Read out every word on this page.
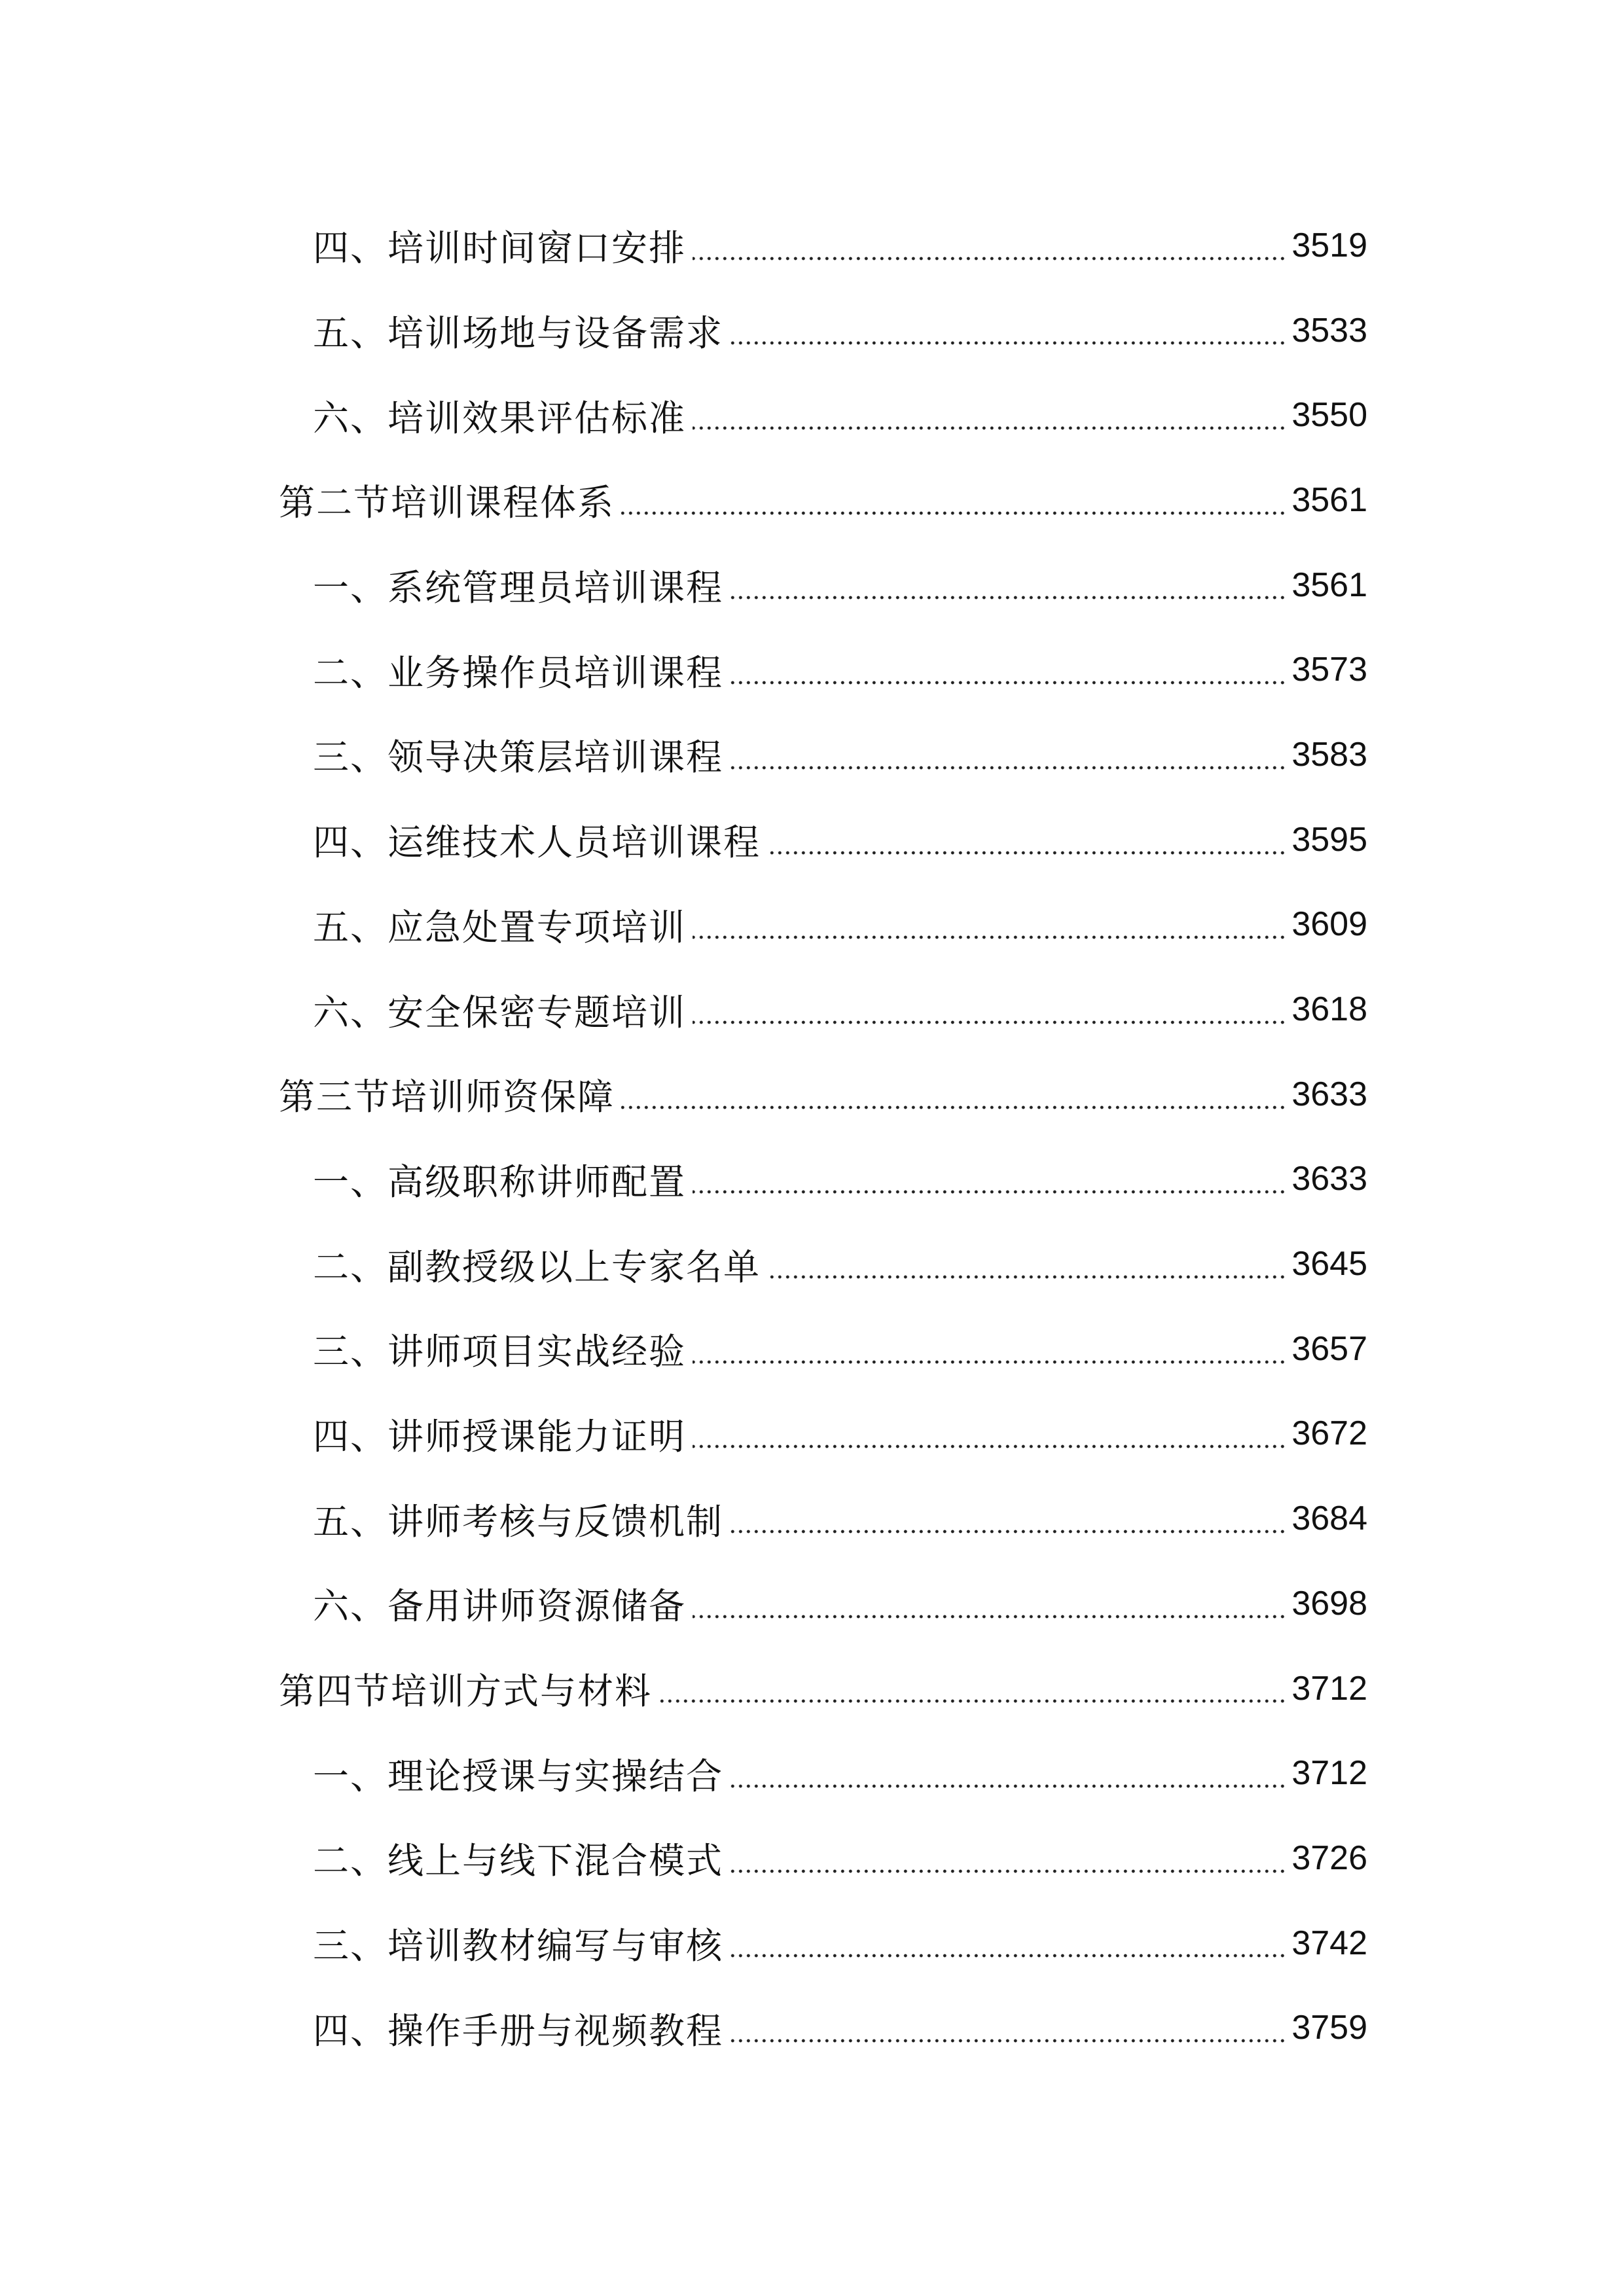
四、培训时间窗口安排	3519
五、培训场地与设备需求	3533
六、培训效果评估标准	3550
第二节培训课程体系	3561
一、系统管理员培训课程	3561
二、业务操作员培训课程	3573
三、领导决策层培训课程	3583
四、运维技术人员培训课程	3595
五、应急处置专项培训	3609
六、安全保密专题培训	3618
第三节培训师资保障	3633
一、高级职称讲师配置	3633
二、副教授级以上专家名单	3645
三、讲师项目实战经验	3657
四、讲师授课能力证明	3672
五、讲师考核与反馈机制	3684
六、备用讲师资源储备	3698
第四节培训方式与材料	3712
一、理论授课与实操结合	3712
二、线上与线下混合模式	3726
三、培训教材编写与审核	3742
四、操作手册与视频教程	3759
